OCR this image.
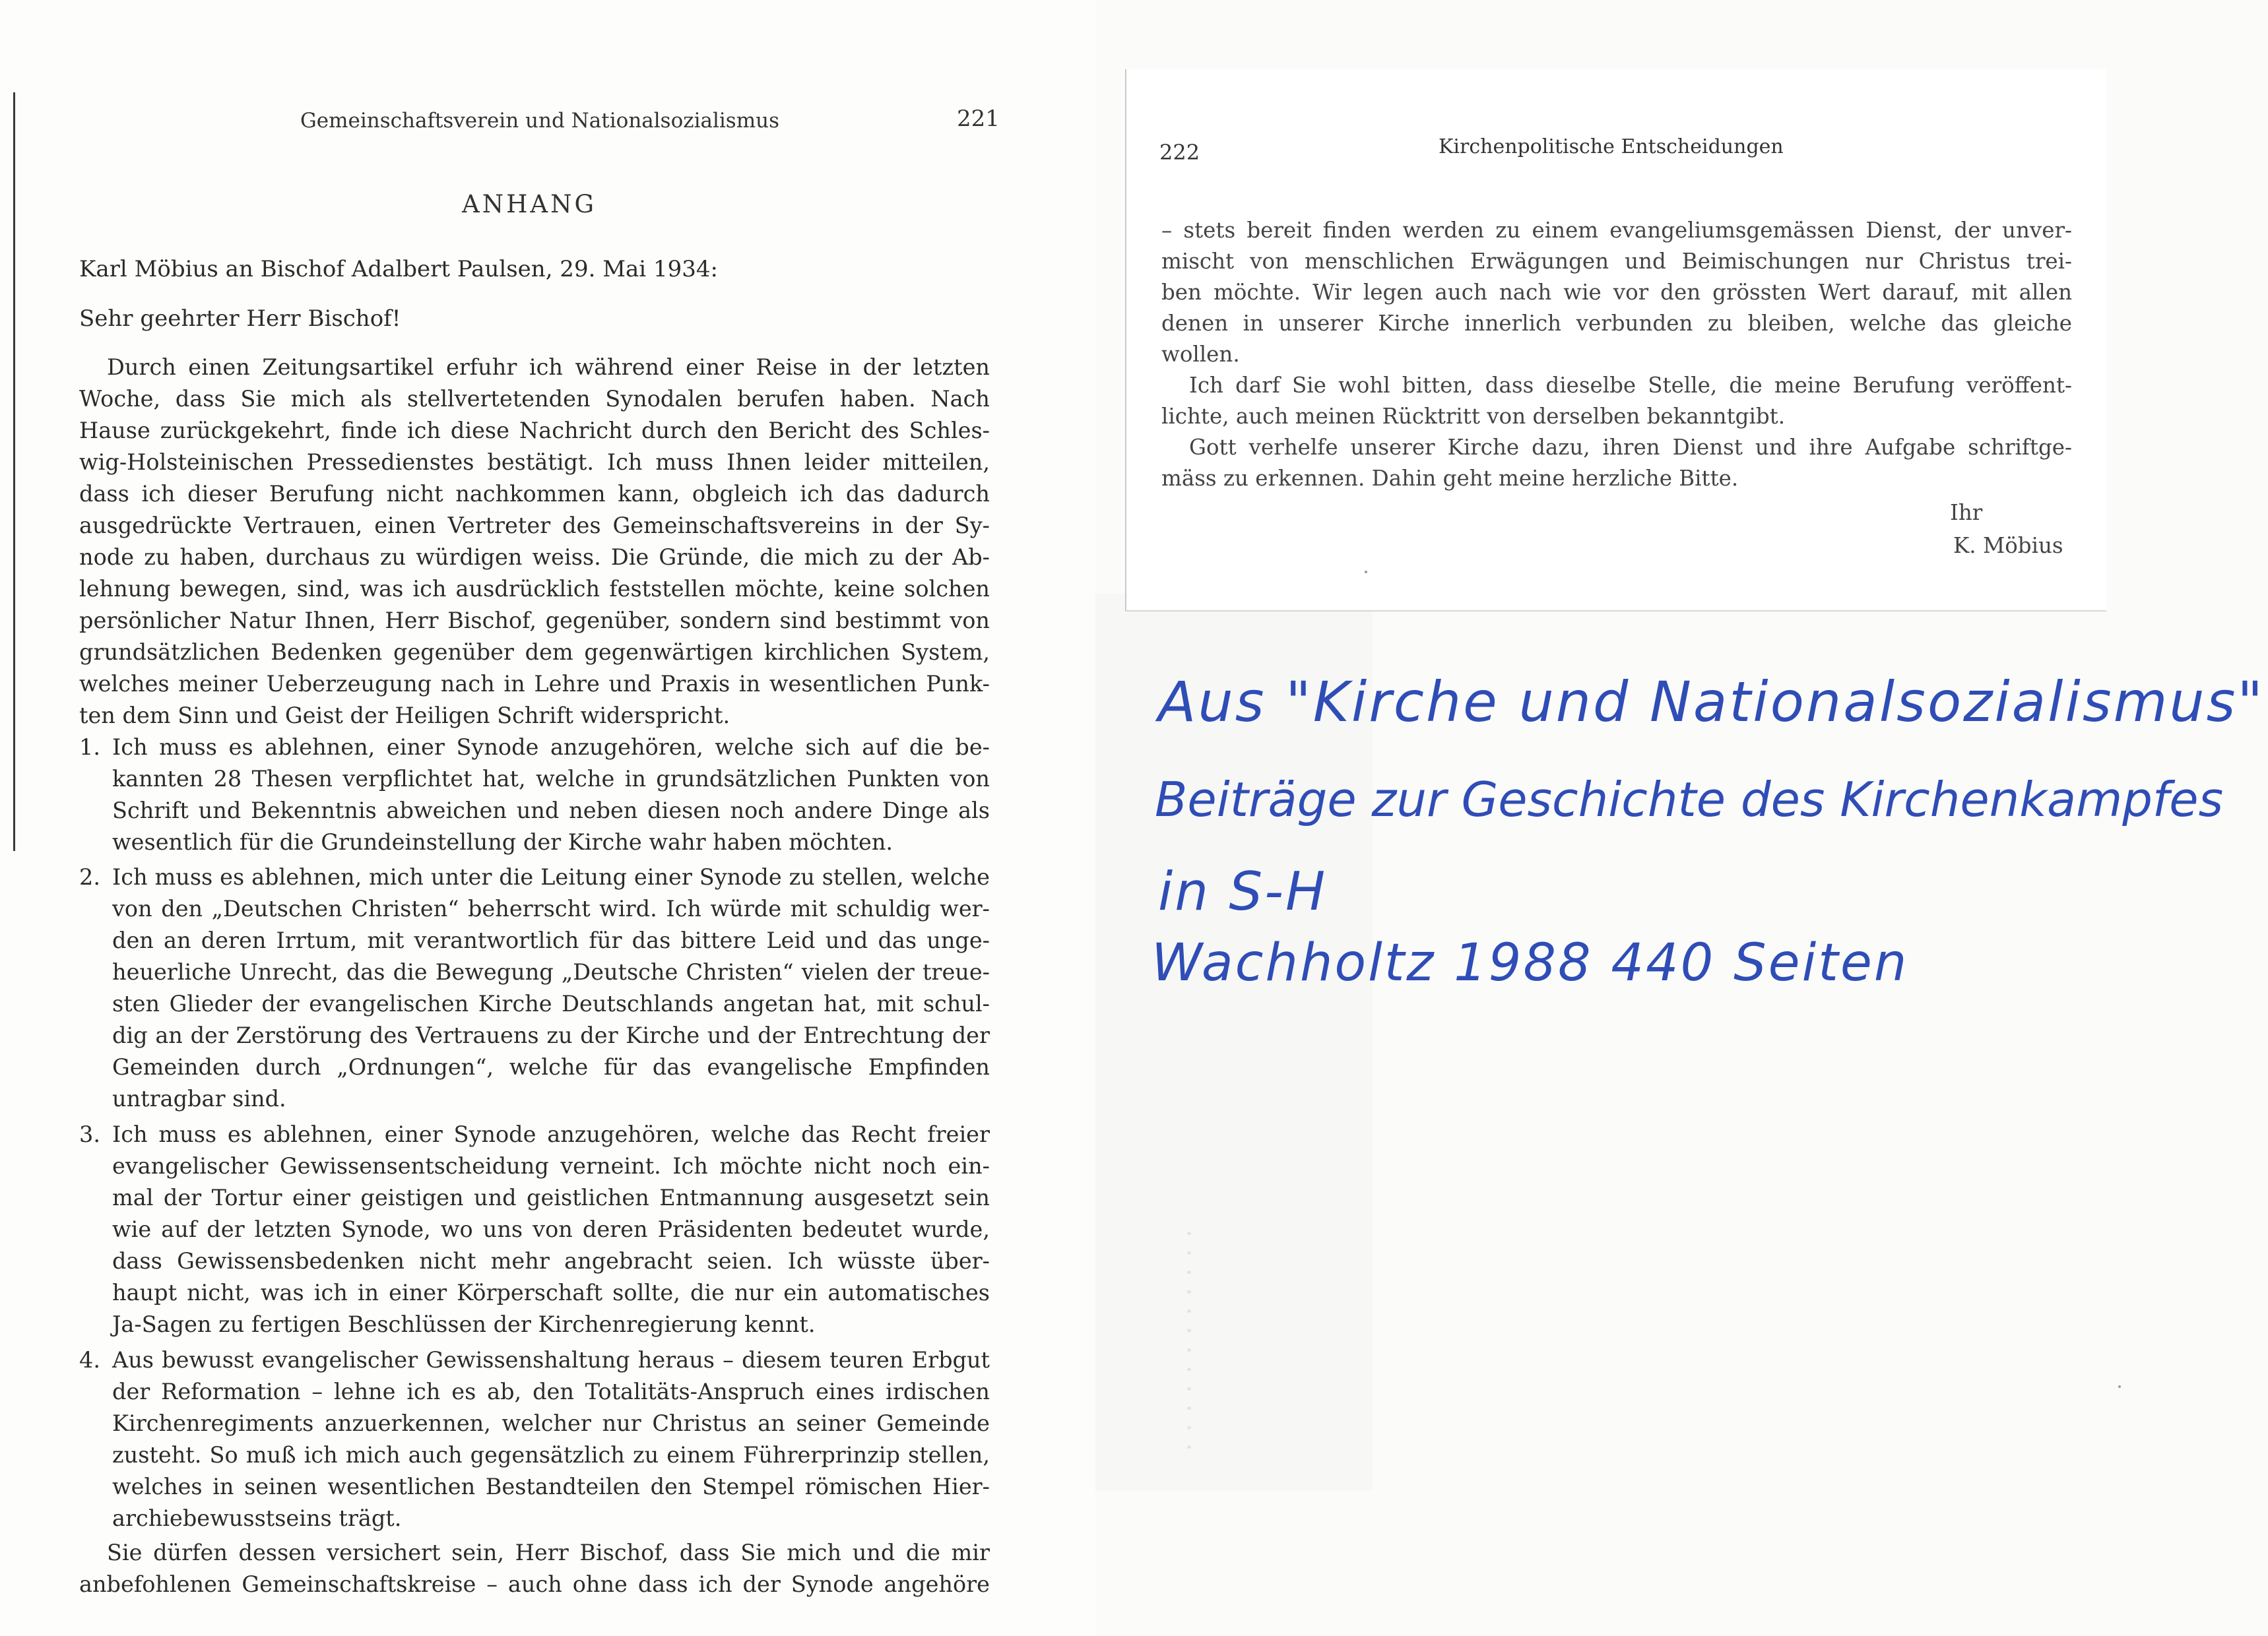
· · · · · · · · · · · ·
Gemeinschaftsverein und Nationalsozialismus	221
ANHANG
Karl Möbius an Bischof Adalbert Paulsen, 29. Mai 1934:
Sehr geehrter Herr Bischof!
Durch einen Zeitungsartikel erfuhr ich während einer Reise in der letzten
Woche, dass Sie mich als stellvertetenden Synodalen berufen haben. Nach
Hause zurückgekehrt, finde ich diese Nachricht durch den Bericht des Schles-
wig-Holsteinischen Pressedienstes bestätigt. Ich muss Ihnen leider mitteilen,
dass ich dieser Berufung nicht nachkommen kann, obgleich ich das dadurch
ausgedrückte Vertrauen, einen Vertreter des Gemeinschaftsvereins in der Sy-
node zu haben, durchaus zu würdigen weiss. Die Gründe, die mich zu der Ab-
lehnung bewegen, sind, was ich ausdrücklich feststellen möchte, keine solchen
persönlicher Natur Ihnen, Herr Bischof, gegenüber, sondern sind bestimmt von
grundsätzlichen Bedenken gegenüber dem gegenwärtigen kirchlichen System,
welches meiner Ueberzeugung nach in Lehre und Praxis in wesentlichen Punk-
ten dem Sinn und Geist der Heiligen Schrift widerspricht.
1. Ich muss es ablehnen, einer Synode anzugehören, welche sich auf die be-
kannten 28 Thesen verpflichtet hat, welche in grundsätzlichen Punkten von
Schrift und Bekenntnis abweichen und neben diesen noch andere Dinge als
wesentlich für die Grundeinstellung der Kirche wahr haben möchten.
2. Ich muss es ablehnen, mich unter die Leitung einer Synode zu stellen, welche
von den „Deutschen Christen“ beherrscht wird. Ich würde mit schuldig wer-
den an deren Irrtum, mit verantwortlich für das bittere Leid und das unge-
heuerliche Unrecht, das die Bewegung „Deutsche Christen“ vielen der treue-
sten Glieder der evangelischen Kirche Deutschlands angetan hat, mit schul-
dig an der Zerstörung des Vertrauens zu der Kirche und der Entrechtung der
Gemeinden durch „Ordnungen“, welche für das evangelische Empfinden
untragbar sind.
3. Ich muss es ablehnen, einer Synode anzugehören, welche das Recht freier
evangelischer Gewissensentscheidung verneint. Ich möchte nicht noch ein-
mal der Tortur einer geistigen und geistlichen Entmannung ausgesetzt sein
wie auf der letzten Synode, wo uns von deren Präsidenten bedeutet wurde,
dass Gewissensbedenken nicht mehr angebracht seien. Ich wüsste über-
haupt nicht, was ich in einer Körperschaft sollte, die nur ein automatisches
Ja-Sagen zu fertigen Beschlüssen der Kirchenregierung kennt.
4. Aus bewusst evangelischer Gewissenshaltung heraus – diesem teuren Erbgut
der Reformation – lehne ich es ab, den Totalitäts-Anspruch eines irdischen
Kirchenregiments anzuerkennen, welcher nur Christus an seiner Gemeinde
zusteht. So muß ich mich auch gegensätzlich zu einem Führerprinzip stellen,
welches in seinen wesentlichen Bestandteilen den Stempel römischen Hier-
archiebewusstseins trägt.
Sie dürfen dessen versichert sein, Herr Bischof, dass Sie mich und die mir
anbefohlenen Gemeinschaftskreise – auch ohne dass ich der Synode angehöre
222	Kirchenpolitische Entscheidungen
– stets bereit finden werden zu einem evangeliumsgemässen Dienst, der unver-
mischt von menschlichen Erwägungen und Beimischungen nur Christus trei-
ben möchte. Wir legen auch nach wie vor den grössten Wert darauf, mit allen
denen in unserer Kirche innerlich verbunden zu bleiben, welche das gleiche
wollen.
Ich darf Sie wohl bitten, dass dieselbe Stelle, die meine Berufung veröffent-
lichte, auch meinen Rücktritt von derselben bekanntgibt.
Gott verhelfe unserer Kirche dazu, ihren Dienst und ihre Aufgabe schriftge-
mäss zu erkennen. Dahin geht meine herzliche Bitte.
Ihr
K. Möbius
Aus "Kirche und Nationalsozialismus"
Beiträge zur Geschichte des Kirchenkampfes
in S-H
Wachholtz 1988 440 Seiten
